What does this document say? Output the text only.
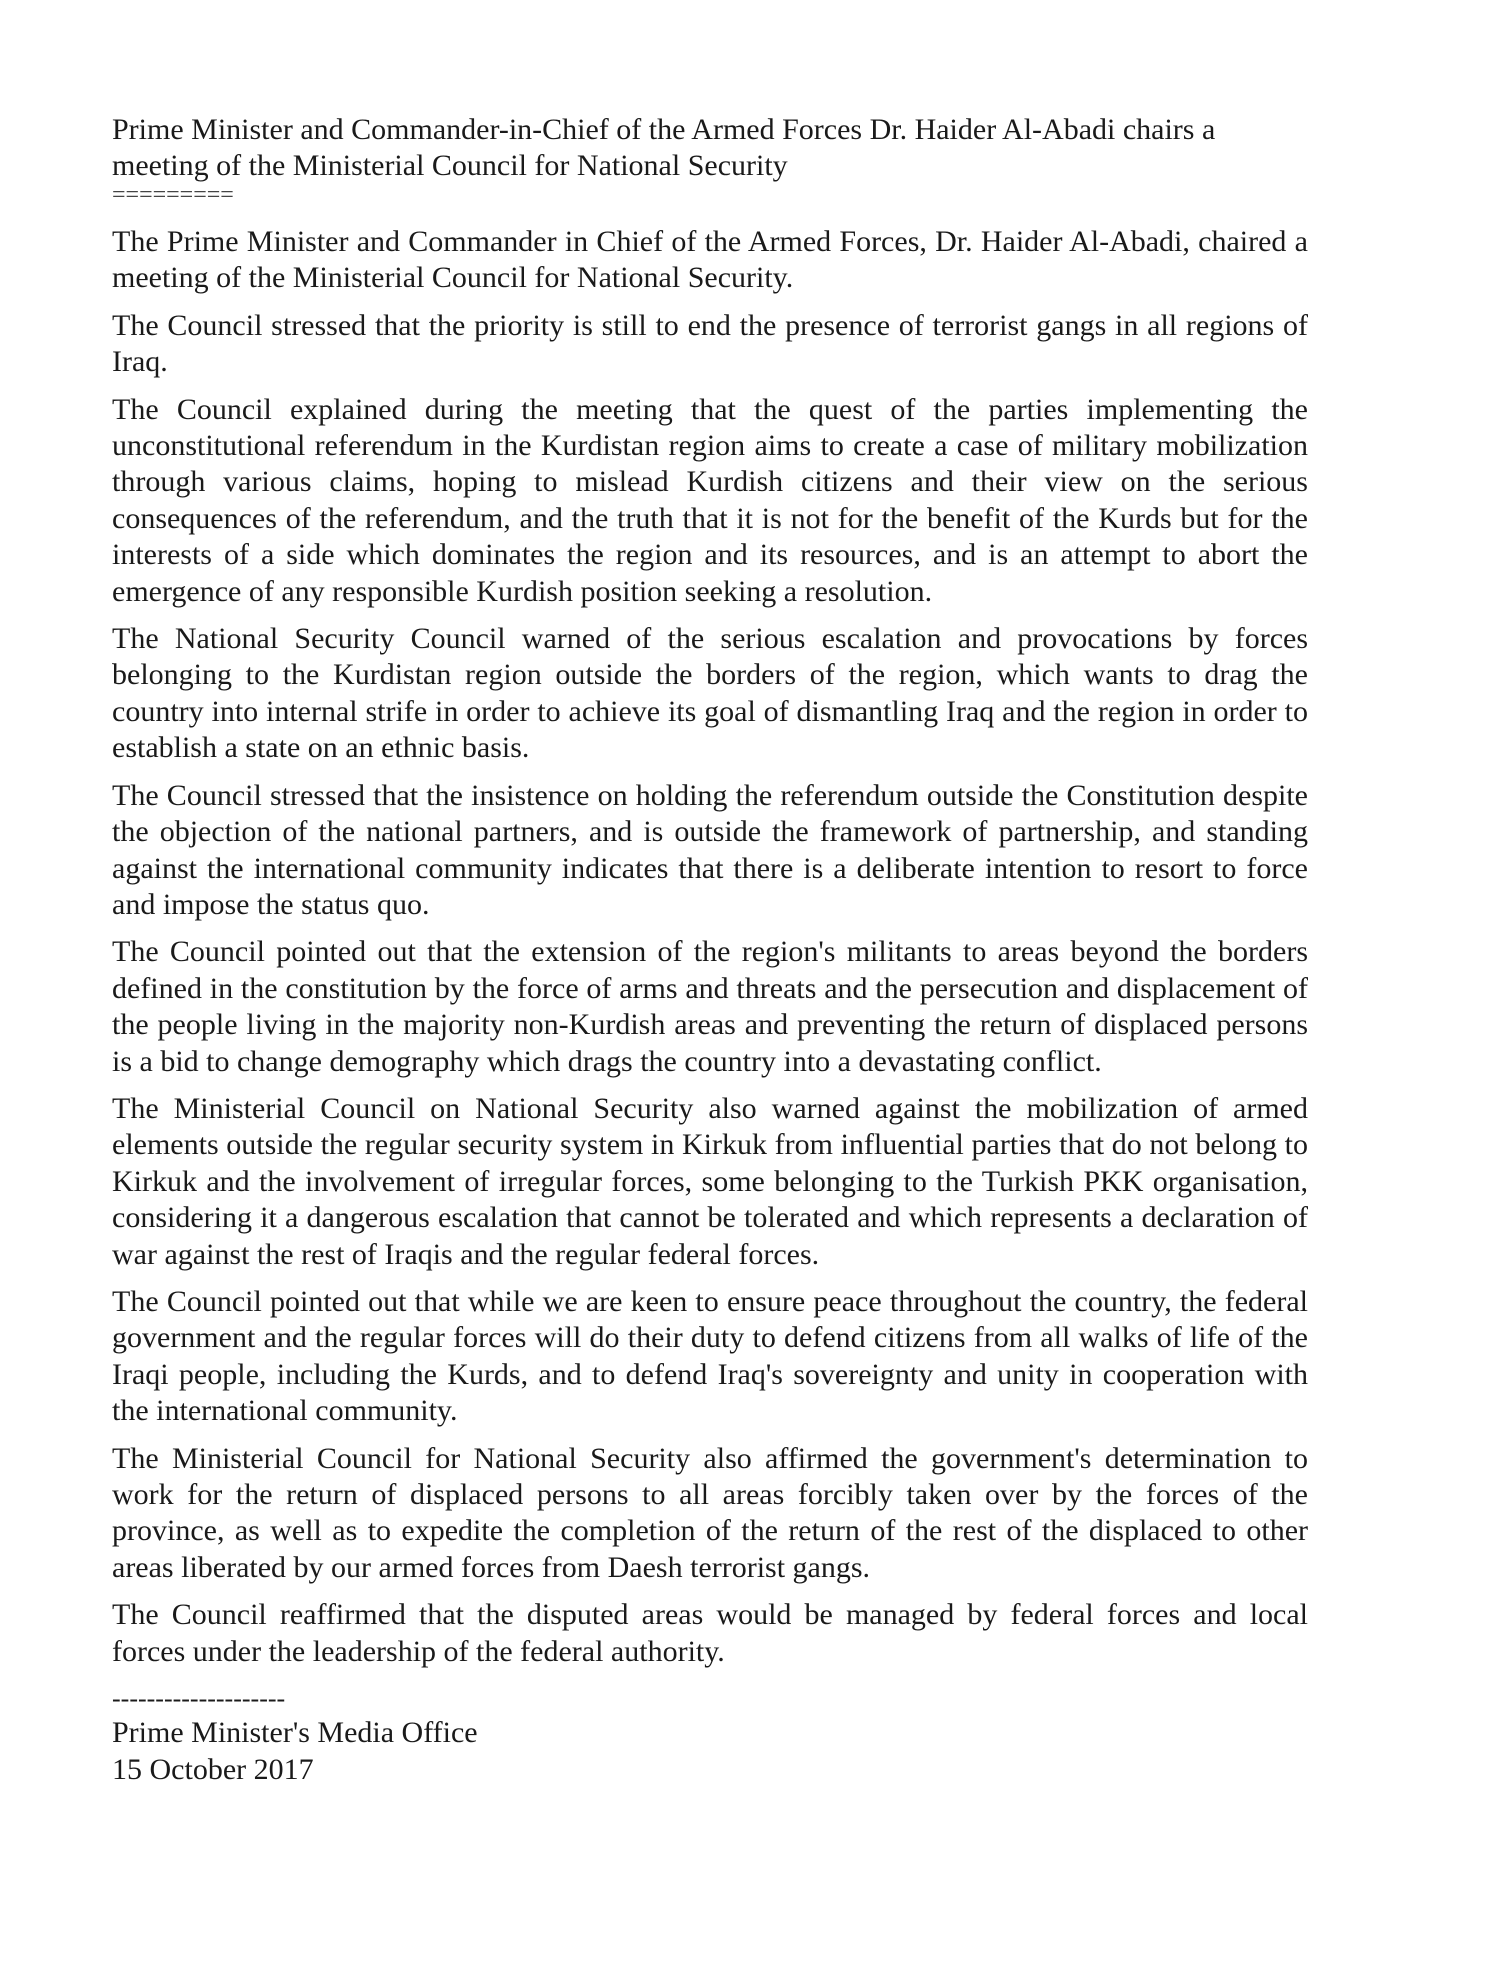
Prime Minister and Commander-in-Chief of the Armed Forces Dr. Haider Al-Abadi chairs a meeting of the Ministerial Council for National Security

=========

The Prime Minister and Commander in Chief of the Armed Forces, Dr. Haider Al-Abadi, chaired a meeting of the Ministerial Council for National Security.

The Council stressed that the priority is still to end the presence of terrorist gangs in all regions of Iraq.

The Council explained during the meeting that the quest of the parties implementing the unconstitutional referendum in the Kurdistan region aims to create a case of military mobilization through various claims, hoping to mislead Kurdish citizens and their view on the serious consequences of the referendum, and the truth that it is not for the benefit of the Kurds but for the interests of a side which dominates the region and its resources, and is an attempt to abort the emergence of any responsible Kurdish position seeking a resolution.

The National Security Council warned of the serious escalation and provocations by forces belonging to the Kurdistan region outside the borders of the region, which wants to drag the country into internal strife in order to achieve its goal of dismantling Iraq and the region in order to establish a state on an ethnic basis.

The Council stressed that the insistence on holding the referendum outside the Constitution despite the objection of the national partners, and is outside the framework of partnership, and standing against the international community indicates that there is a deliberate intention to resort to force and impose the status quo.

The Council pointed out that the extension of the region's militants to areas beyond the borders defined in the constitution by the force of arms and threats and the persecution and displacement of the people living in the majority non-Kurdish areas and preventing the return of displaced persons is a bid to change demography which drags the country into a devastating conflict.

The Ministerial Council on National Security also warned against the mobilization of armed elements outside the regular security system in Kirkuk from influential parties that do not belong to Kirkuk and the involvement of irregular forces, some belonging to the Turkish PKK organisation, considering it a dangerous escalation that cannot be tolerated and which represents a declaration of war against the rest of Iraqis and the regular federal forces.

The Council pointed out that while we are keen to ensure peace throughout the country, the federal government and the regular forces will do their duty to defend citizens from all walks of life of the Iraqi people, including the Kurds, and to defend Iraq's sovereignty and unity in cooperation with the international community.

The Ministerial Council for National Security also affirmed the government's determination to work for the return of displaced persons to all areas forcibly taken over by the forces of the province, as well as to expedite the completion of the return of the rest of the displaced to other areas liberated by our armed forces from Daesh terrorist gangs.

The Council reaffirmed that the disputed areas would be managed by federal forces and local forces under the leadership of the federal authority.

--------------------

Prime Minister's Media Office

15 October 2017
